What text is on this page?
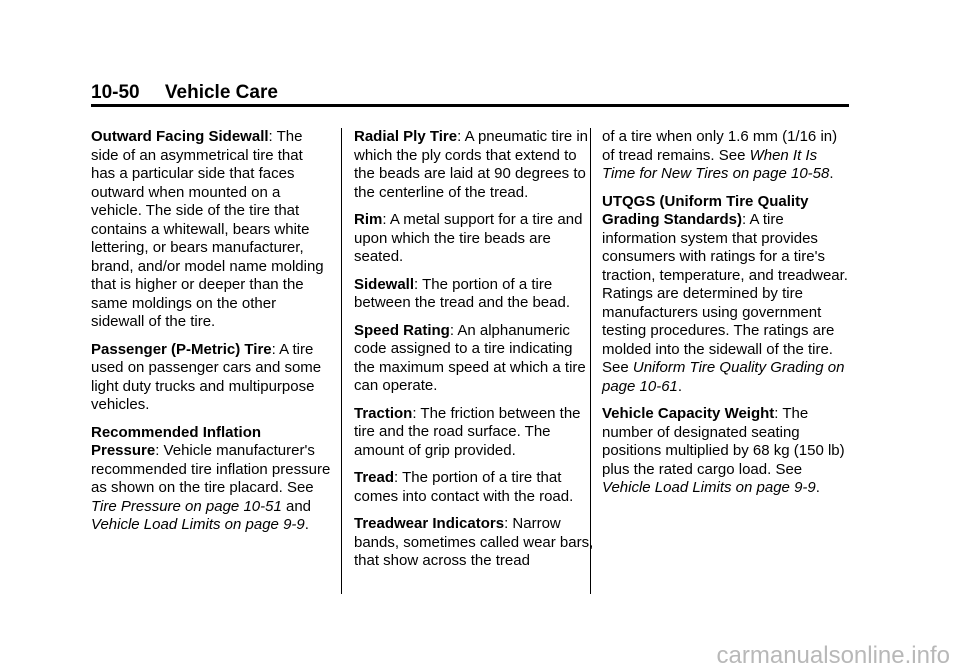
10-50 Vehicle Care

Outward Facing Sidewall: The side of an asymmetrical tire that has a particular side that faces outward when mounted on a vehicle. The side of the tire that contains a whitewall, bears white lettering, or bears manufacturer, brand, and/or model name molding that is higher or deeper than the same moldings on the other sidewall of the tire.

Passenger (P-Metric) Tire: A tire used on passenger cars and some light duty trucks and multipurpose vehicles.

Recommended Inflation Pressure: Vehicle manufacturer's recommended tire inflation pressure as shown on the tire placard. See Tire Pressure on page 10-51 and Vehicle Load Limits on page 9-9.

Radial Ply Tire: A pneumatic tire in which the ply cords that extend to the beads are laid at 90 degrees to the centerline of the tread.

Rim: A metal support for a tire and upon which the tire beads are seated.

Sidewall: The portion of a tire between the tread and the bead.

Speed Rating: An alphanumeric code assigned to a tire indicating the maximum speed at which a tire can operate.

Traction: The friction between the tire and the road surface. The amount of grip provided.

Tread: The portion of a tire that comes into contact with the road.

Treadwear Indicators: Narrow bands, sometimes called wear bars, that show across the tread

of a tire when only 1.6 mm (1/16 in) of tread remains. See When It Is Time for New Tires on page 10-58.

UTQGS (Uniform Tire Quality Grading Standards): A tire information system that provides consumers with ratings for a tire's traction, temperature, and treadwear. Ratings are determined by tire manufacturers using government testing procedures. The ratings are molded into the sidewall of the tire. See Uniform Tire Quality Grading on page 10-61.

Vehicle Capacity Weight: The number of designated seating positions multiplied by 68 kg (150 lb) plus the rated cargo load. See Vehicle Load Limits on page 9-9.

carmanualsonline.info
